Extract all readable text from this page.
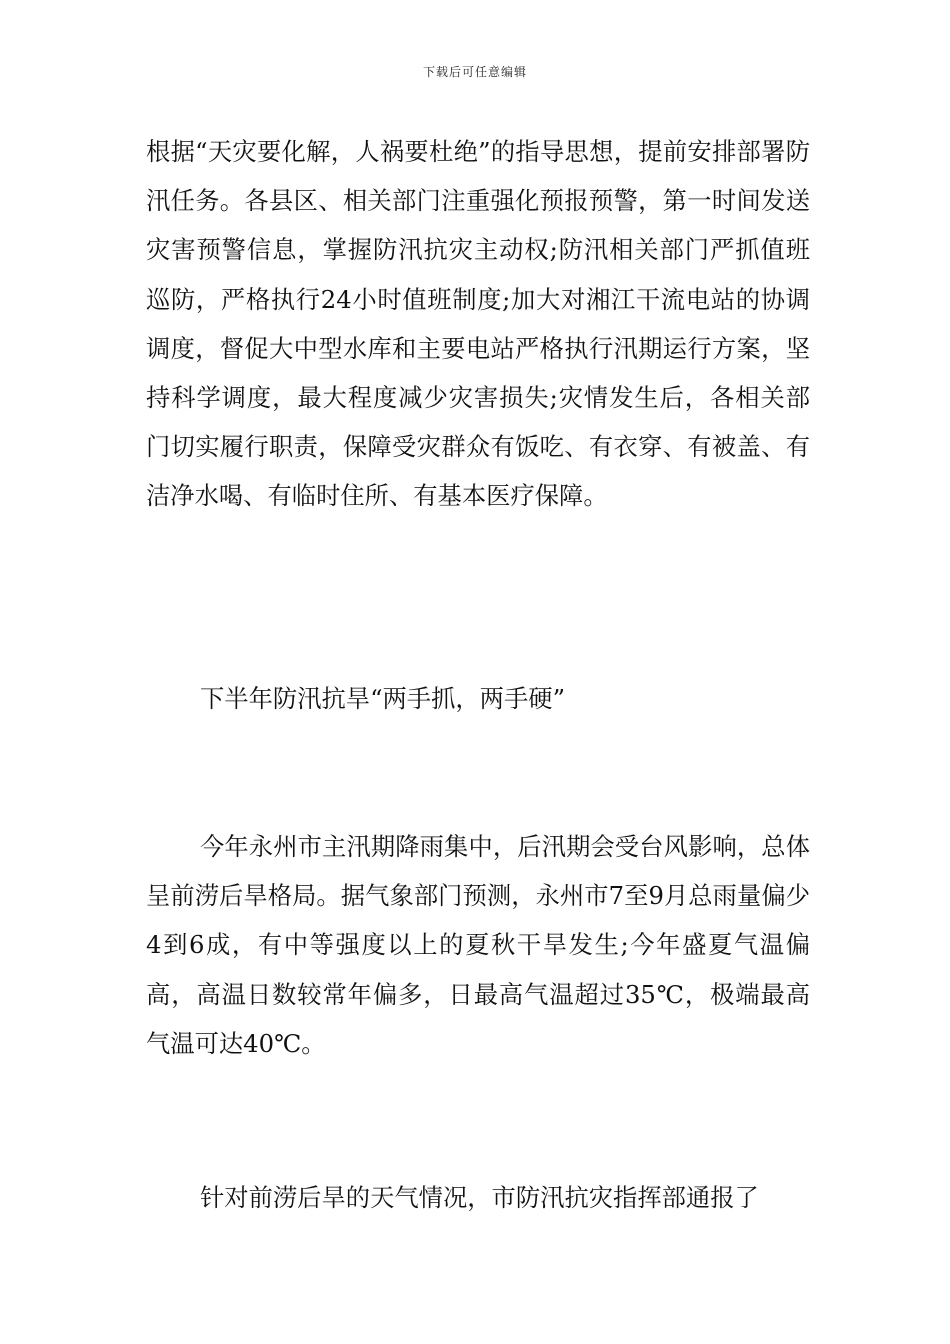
下载后可任意编辑

根据“天灾要化解，人祸要杜绝”的指导思想，提前安排部署防汛任务。各县区、相关部门注重强化预报预警，第一时间发送灾害预警信息，掌握防汛抗灾主动权;防汛相关部门严抓值班巡防，严格执行24小时值班制度;加大对湘江干流电站的协调调度，督促大中型水库和主要电站严格执行汛期运行方案，坚持科学调度，最大程度减少灾害损失;灾情发生后，各相关部门切实履行职责，保障受灾群众有饭吃、有衣穿、有被盖、有洁净水喝、有临时住所、有基本医疗保障。

下半年防汛抗旱“两手抓，两手硬”

今年永州市主汛期降雨集中，后汛期会受台风影响，总体呈前涝后旱格局。据气象部门预测，永州市7至9月总雨量偏少4到6成，有中等强度以上的夏秋干旱发生;今年盛夏气温偏高，高温日数较常年偏多，日最高气温超过35℃，极端最高气温可达40℃。

针对前涝后旱的天气情况，市防汛抗灾指挥部通报了
